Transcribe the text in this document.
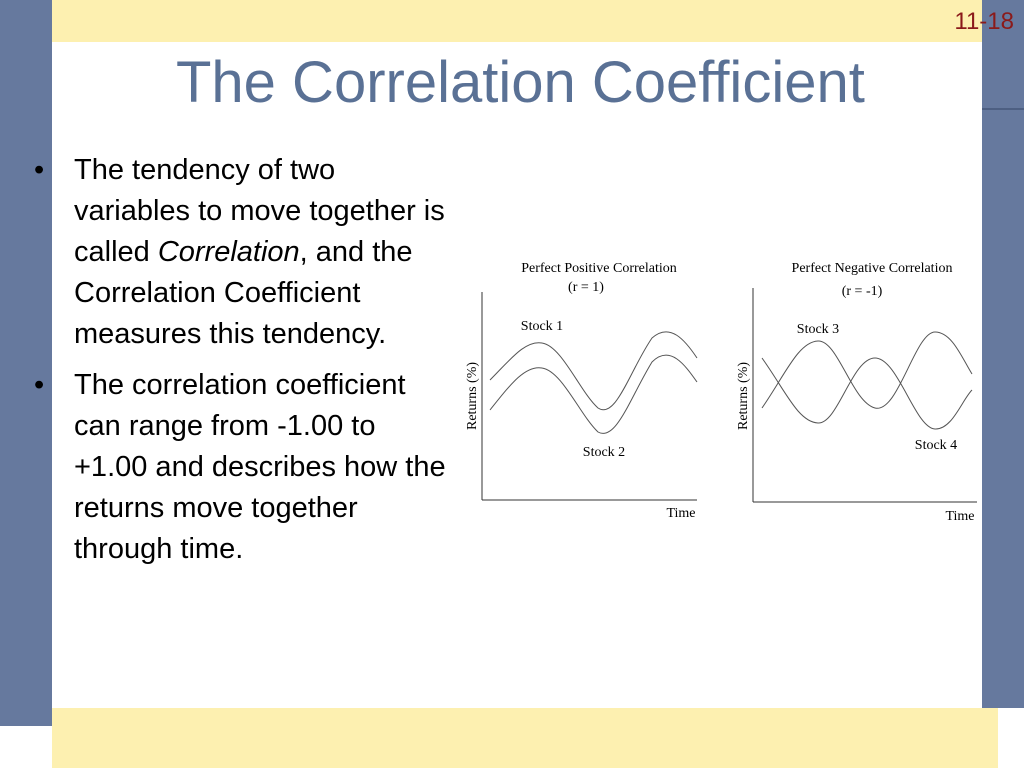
11-18
The Correlation Coefficient
• The tendency of two variables to move together is called Correlation, and the Correlation Coefficient measures this tendency.
• The correlation coefficient can range from -1.00 to +1.00 and describes how the returns move together through time.
Perfect Positive Correlation
(r = 1)
Returns (%)
Time
Stock 1
Stock 2
Perfect Negative Correlation
(r = -1)
Returns (%)
Time
Stock 3
Stock 4
